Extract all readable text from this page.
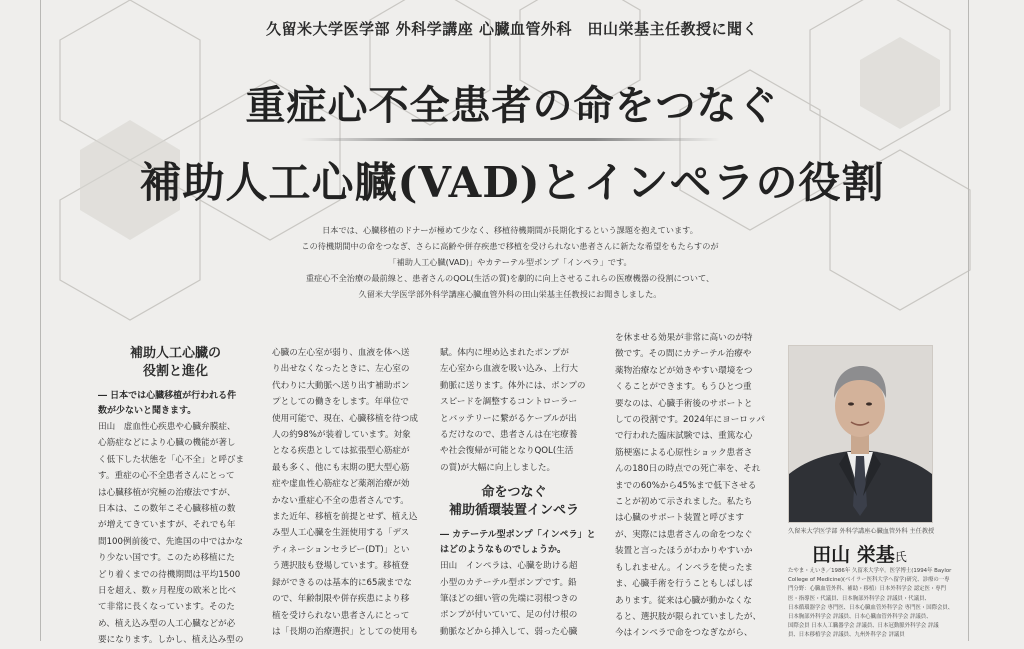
久留米大学医学部 外科学講座 心臓血管外科　田山栄基主任教授に聞く
重症心不全患者の命をつなぐ
補助人工心臓(VAD)とインペラの役割

日本では、心臓移植のドナーが極めて少なく、移植待機期間が長期化するという課題を抱えています。

この待機期間中の命をつなぎ、さらに高齢や併存疾患で移植を受けられない患者さんに新たな希望をもたらすのが

「補助人工心臓(VAD)」やカテーテル型ポンプ「インペラ」です。

重症心不全治療の最前線と、患者さんのQOL(生活の質)を劇的に向上させるこれらの医療機器の役割について、

久留米大学医学部外科学講座心臓血管外科の田山栄基主任教授にお聞きしました。

補助人工心臓の
役割と進化
― 日本では心臓移植が行われる件
数が少ないと聞きます。

田山　虚血性心疾患や心臓弁膜症、

心筋症などにより心臓の機能が著し

く低下した状態を「心不全」と呼びま

す。重症の心不全患者さんにとって

は心臓移植が究極の治療法ですが、

日本は、この数年こそ心臓移植の数

が増えてきていますが、それでも年

間100例前後で、先進国の中ではかな

り少ない国です。このため移植にた

どり着くまでの待機期間は平均1500

日を超え、数ヶ月程度の欧米と比べ

て非常に長くなっています。そのた

め、植え込み型の人工心臓などが必

要になります。しかし、植え込み型の

心臓の左心室が弱り、血液を体へ送

り出せなくなったときに、左心室の

代わりに大動脈へ送り出す補助ポン

プとしての働きをします。年単位で

使用可能で、現在、心臓移植を待つ成

人の約98%が装着しています。対象

となる疾患としては拡張型心筋症が

最も多く、他にも末期の肥大型心筋

症や虚血性心筋症など薬剤治療が効

かない重症心不全の患者さんです。

また近年、移植を前提とせず、植え込

み型人工心臓を生涯使用する「デス

ティネーションセラピー(DT)」とい

う選択肢も登場しています。移植登

録ができるのは基本的に65歳までな

ので、年齢制限や併存疾患により移

植を受けられない患者さんにとって

は「長期の治療選択」としての使用も

賦。体内に埋め込まれたポンプが

左心室から血液を吸い込み、上行大

動脈に送ります。体外には、ポンプの

スピードを調整するコントローラー

とバッテリーに繋がるケーブルが出

るだけなので、患者さんは在宅療養

や社会復帰が可能となりQOL(生活

の質)が大幅に向上しました。

命をつなぐ
補助循環装置インペラ
― カテーテル型ポンプ「インペラ」と
はどのようなものでしょうか。

田山　インペラは、心臓を助ける超

小型のカテーテル型ポンプです。鉛

筆ほどの細い管の先端に羽根つきの

ポンプが付いていて、足の付け根の

動脈などから挿入して、弱った心臓

を休ませる効果が非常に高いのが特

徴です。その間にカテーテル治療や

薬物治療などが効きやすい環境をつ

くることができます。もうひとつ重

要なのは、心臓手術後のサポートと

しての役割です。2024年にヨーロッパ

で行われた臨床試験では、重篤な心

筋梗塞による心原性ショック患者さ

んの180日の時点での死亡率を、それ

までの60%から45%まで低下させる

ことが初めて示されました。私たち

は心臓のサポート装置と呼びます

が、実際には患者さんの命をつなぐ

装置と言ったほうがわかりやすいか

もしれません。インペラを使ったま

ま、心臓手術を行うこともしばしば

あります。従来は心臓が動かなくな

ると、選択肢が限られていましたが、

今はインペラで命をつなぎながら、

久留米大学医学部 外科学講座心臓血管外科 主任教授
田山 栄基氏

たやま・えいき／1986年 久留米大学卒。医学博士(1994年 Baylor

College of Medicine)(ベイラー医科大学へ留学)研究、診療の一専

門分野：心臓血管外科、補助・移植）日本外科学会 認定医・専門

医・指導医・代議員、日本胸部外科学会 評議員・代議員、

日本循環器学会 専門医、日本心臓血管外科学会 専門医・国際会員、

日本胸部外科学会 評議員、日本心臓血管外科学会 評議員、

国際会員 日本人工臓器学会 評議員、日本冠動脈外科学会 評議

員、日本移植学会 評議員、九州外科学会 評議員
